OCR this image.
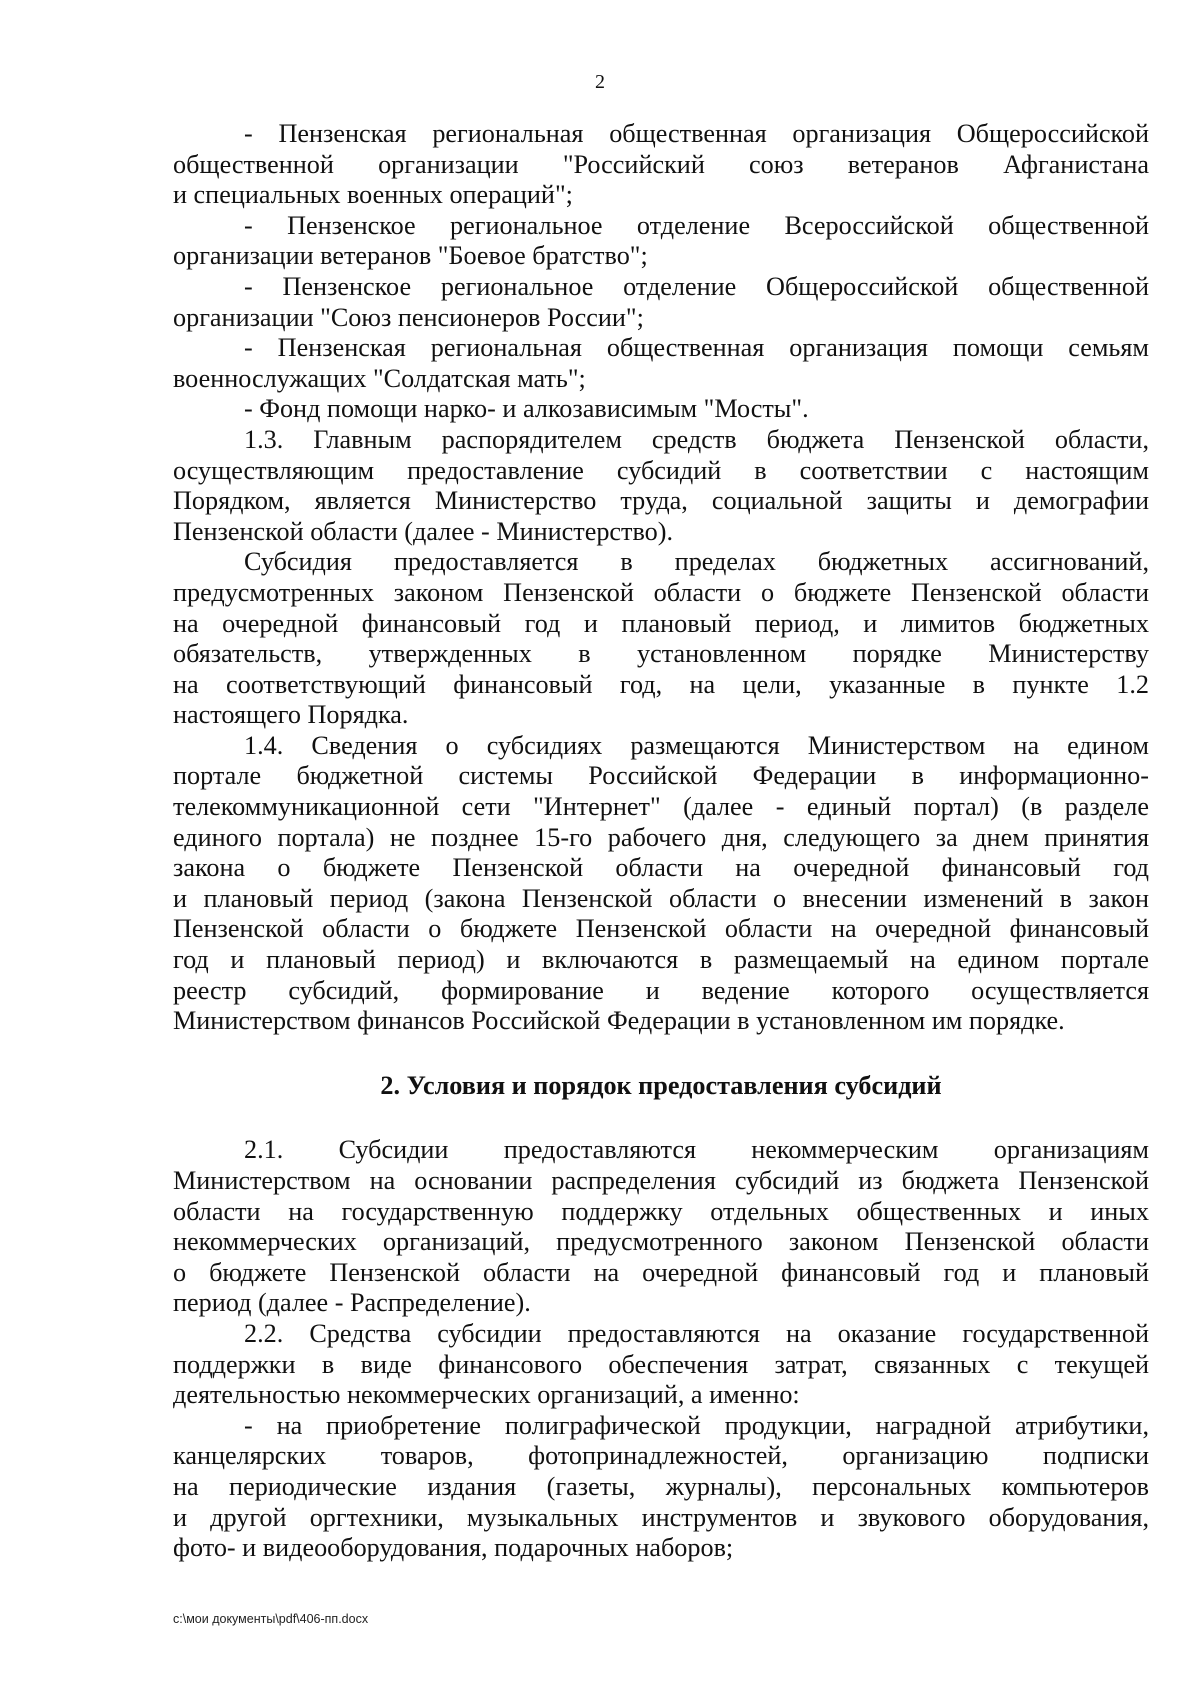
2
- Пензенская региональная общественная организация Общероссийской
общественной организации "Российский союз ветеранов Афганистана
и специальных военных операций";
- Пензенское региональное отделение Всероссийской общественной
организации ветеранов "Боевое братство";
- Пензенское региональное отделение Общероссийской общественной
организации "Союз пенсионеров России";
- Пензенская региональная общественная организация помощи семьям
военнослужащих "Солдатская мать";
- Фонд помощи нарко- и алкозависимым "Мосты".
1.3. Главным распорядителем средств бюджета Пензенской области,
осуществляющим предоставление субсидий в соответствии с настоящим
Порядком, является Министерство труда, социальной защиты и демографии
Пензенской области (далее - Министерство).
Субсидия предоставляется в пределах бюджетных ассигнований,
предусмотренных законом Пензенской области о бюджете Пензенской области
на очередной финансовый год и плановый период, и лимитов бюджетных
обязательств, утвержденных в установленном порядке Министерству
на соответствующий финансовый год, на цели, указанные в пункте 1.2
настоящего Порядка.
1.4. Сведения о субсидиях размещаются Министерством на едином
портале бюджетной системы Российской Федерации в информационно-
телекоммуникационной сети "Интернет" (далее - единый портал) (в разделе
единого портала) не позднее 15-го рабочего дня, следующего за днем принятия
закона о бюджете Пензенской области на очередной финансовый год
и плановый период (закона Пензенской области о внесении изменений в закон
Пензенской области о бюджете Пензенской области на очередной финансовый
год и плановый период) и включаются в размещаемый на едином портале
реестр субсидий, формирование и ведение которого осуществляется
Министерством финансов Российской Федерации в установленном им порядке.
2. Условия и порядок предоставления субсидий
2.1. Субсидии предоставляются некоммерческим организациям
Министерством на основании распределения субсидий из бюджета Пензенской
области на государственную поддержку отдельных общественных и иных
некоммерческих организаций, предусмотренного законом Пензенской области
о бюджете Пензенской области на очередной финансовый год и плановый
период (далее - Распределение).
2.2. Средства субсидии предоставляются на оказание государственной
поддержки в виде финансового обеспечения затрат, связанных с текущей
деятельностью некоммерческих организаций, а именно:
- на приобретение полиграфической продукции, наградной атрибутики,
канцелярских товаров, фотопринадлежностей, организацию подписки
на периодические издания (газеты, журналы), персональных компьютеров
и другой оргтехники, музыкальных инструментов и звукового оборудования,
фото- и видеооборудования, подарочных наборов;
c:\мои документы\pdf\406-пп.docx
